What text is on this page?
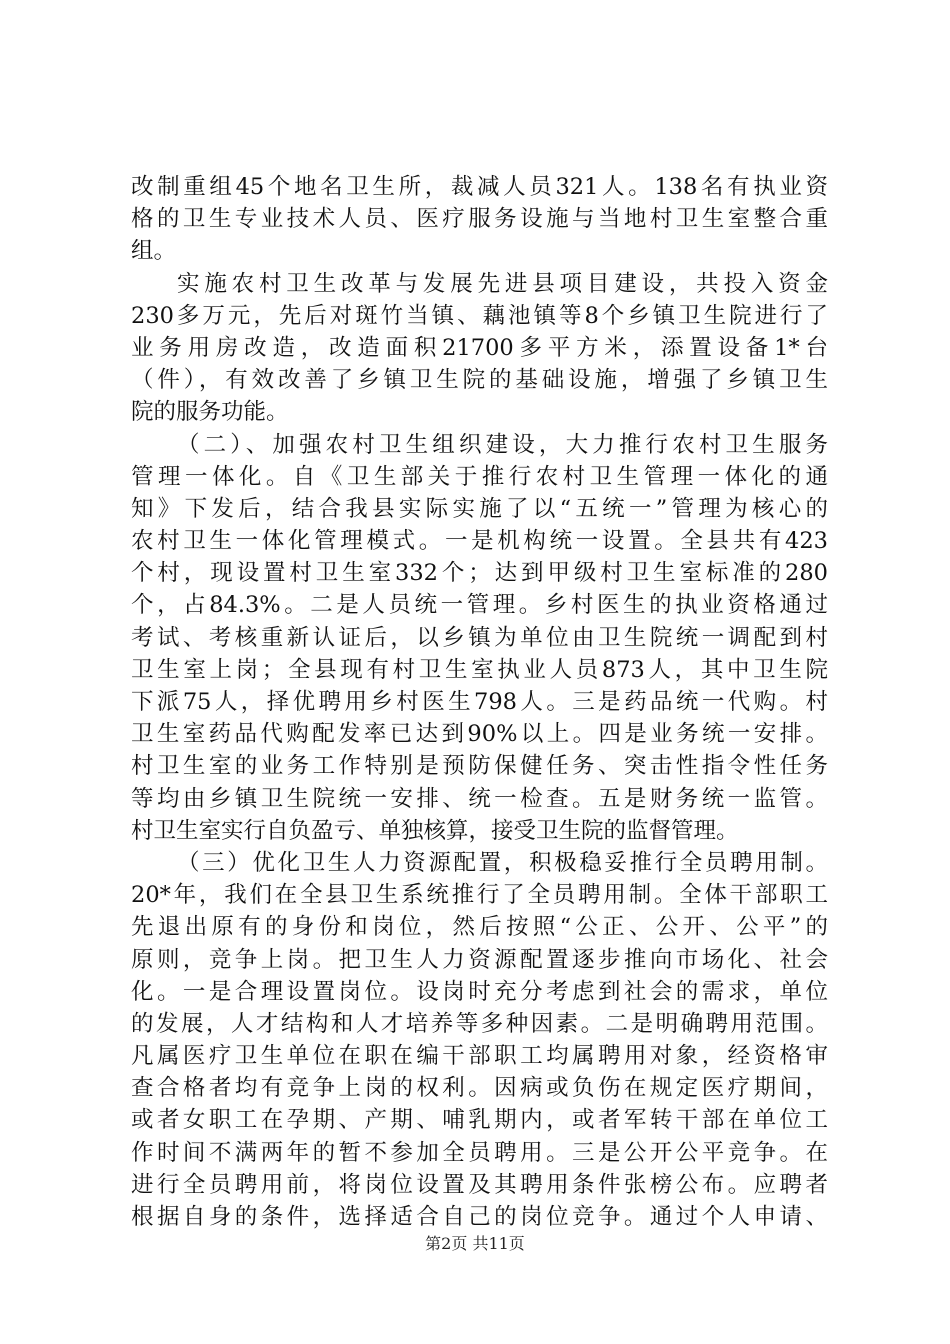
改制重组45个地名卫生所，裁减人员321人。138名有执业资
格的卫生专业技术人员、医疗服务设施与当地村卫生室整合重
组。
实施农村卫生改革与发展先进县项目建设，共投入资金
230多万元，先后对斑竹当镇、藕池镇等8个乡镇卫生院进行了
业务用房改造，改造面积21700多平方米，添置设备1*台
（件），有效改善了乡镇卫生院的基础设施，增强了乡镇卫生
院的服务功能。
（二）、加强农村卫生组织建设，大力推行农村卫生服务
管理一体化。自《卫生部关于推行农村卫生管理一体化的通
知》下发后，结合我县实际实施了以“五统一”管理为核心的
农村卫生一体化管理模式。一是机构统一设置。全县共有423
个村，现设置村卫生室332个；达到甲级村卫生室标准的280
个，占84.3%。二是人员统一管理。乡村医生的执业资格通过
考试、考核重新认证后，以乡镇为单位由卫生院统一调配到村
卫生室上岗；全县现有村卫生室执业人员873人，其中卫生院
下派75人，择优聘用乡村医生798人。三是药品统一代购。村
卫生室药品代购配发率已达到90%以上。四是业务统一安排。
村卫生室的业务工作特别是预防保健任务、突击性指令性任务
等均由乡镇卫生院统一安排、统一检查。五是财务统一监管。
村卫生室实行自负盈亏、单独核算，接受卫生院的监督管理。
（三）优化卫生人力资源配置，积极稳妥推行全员聘用制。
20*年，我们在全县卫生系统推行了全员聘用制。全体干部职工
先退出原有的身份和岗位，然后按照“公正、公开、公平”的
原则，竞争上岗。把卫生人力资源配置逐步推向市场化、社会
化。一是合理设置岗位。设岗时充分考虑到社会的需求，单位
的发展，人才结构和人才培养等多种因素。二是明确聘用范围。
凡属医疗卫生单位在职在编干部职工均属聘用对象，经资格审
查合格者均有竞争上岗的权利。因病或负伤在规定医疗期间，
或者女职工在孕期、产期、哺乳期内，或者军转干部在单位工
作时间不满两年的暂不参加全员聘用。三是公开公平竞争。在
进行全员聘用前，将岗位设置及其聘用条件张榜公布。应聘者
根据自身的条件，选择适合自己的岗位竞争。通过个人申请、
第2页 共11页
